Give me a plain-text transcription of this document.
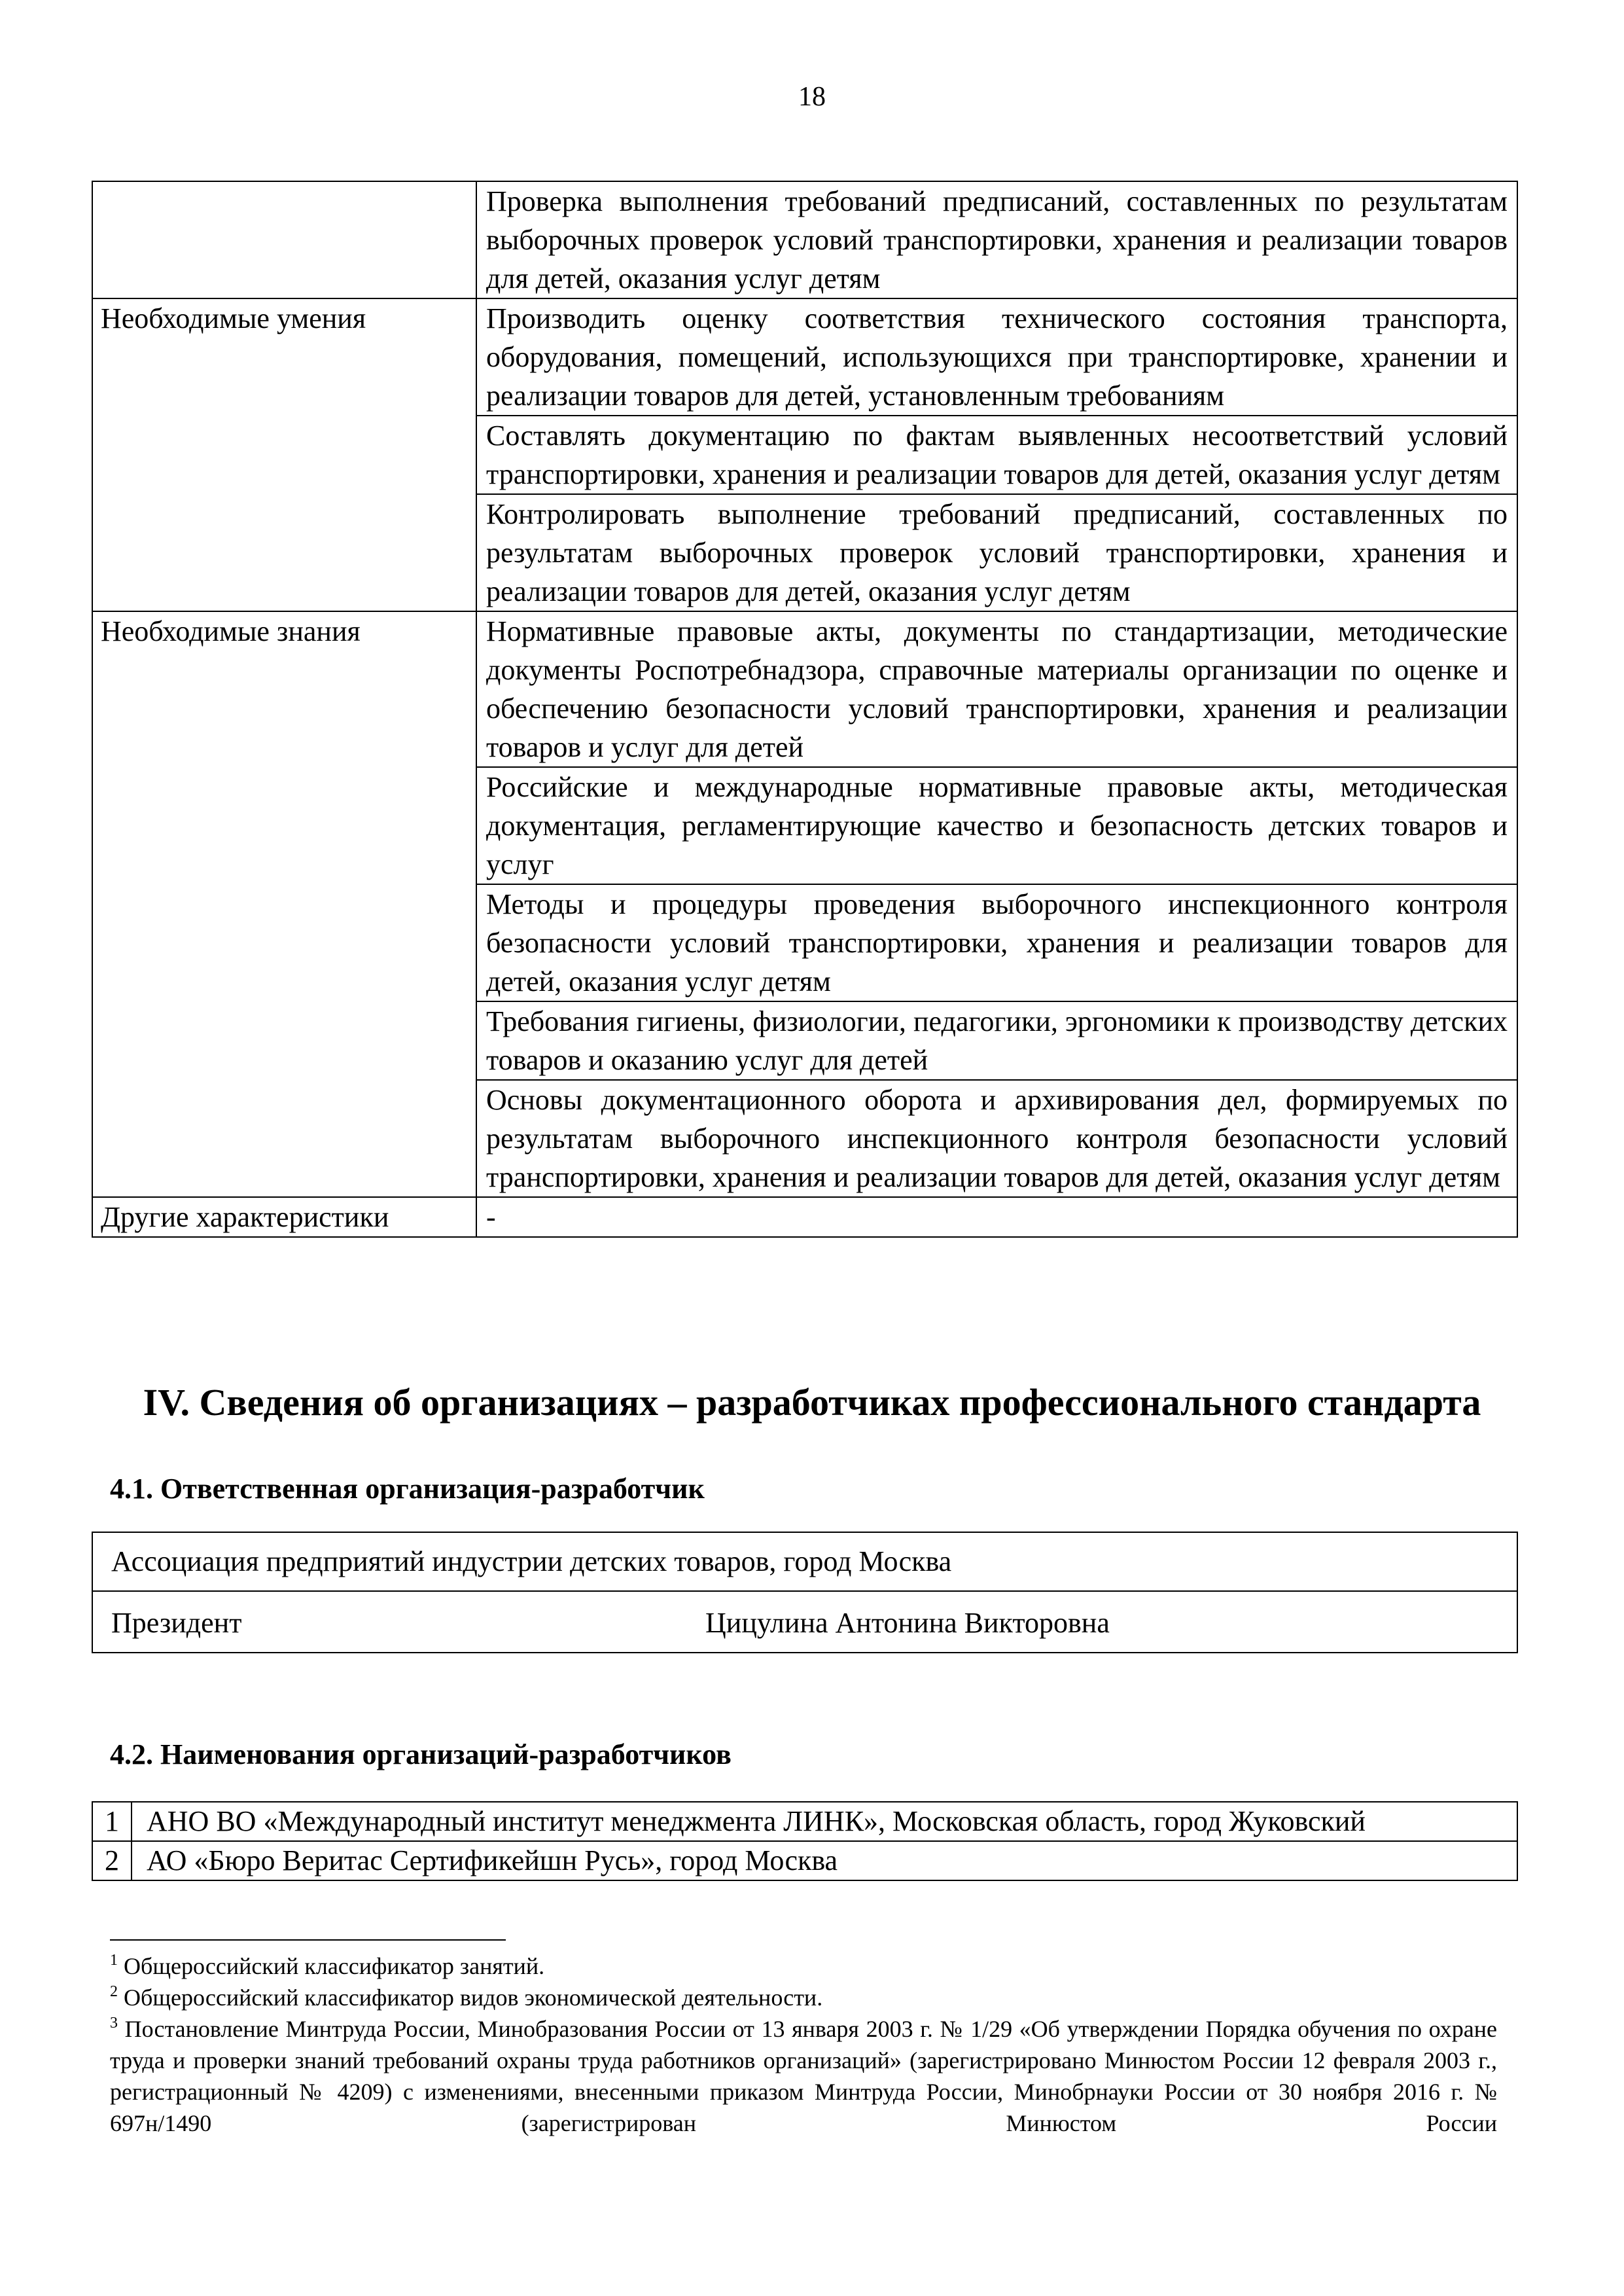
18
	Проверка выполнения требований предписаний, составленных по результатам выборочных проверок условий транспортировки, хранения и реализации товаров для детей, оказания услуг детям
Необходимые умения	Производить оценку соответствия технического состояния транспорта, оборудования, помещений, использующихся при транспортировке, хранении и реализации товаров для детей, установленным требованиям
	Составлять документацию по фактам выявленных несоответствий условий транспортировки, хранения и реализации товаров для детей, оказания услуг детям
	Контролировать выполнение требований предписаний, составленных по результатам выборочных проверок условий транспортировки, хранения и реализации товаров для детей, оказания услуг детям
Необходимые знания	Нормативные правовые акты, документы по стандартизации, методические документы Роспотребнадзора, справочные материалы организации по оценке и обеспечению безопасности условий транспортировки, хранения и реализации товаров и услуг для детей
	Российские и международные нормативные правовые акты, методическая документация, регламентирующие качество и безопасность детских товаров и услуг
	Методы и процедуры проведения выборочного инспекционного контроля безопасности условий транспортировки, хранения и реализации товаров для детей, оказания услуг детям
	Требования гигиены, физиологии, педагогики, эргономики к производству детских товаров и оказанию услуг для детей
	Основы документационного оборота и архивирования дел, формируемых по результатам выборочного инспекционного контроля безопасности условий транспортировки, хранения и реализации товаров для детей, оказания услуг детям
Другие характеристики	-
IV. Сведения об организациях – разработчиках профессионального стандарта
4.1. Ответственная организация-разработчик
Ассоциация предприятий индустрии детских товаров, город Москва
Президент	Цицулина Антонина Викторовна
4.2. Наименования организаций-разработчиков
1	АНО ВО «Международный институт менеджмента ЛИНК», Московская область, город Жуковский
2	АО «Бюро Веритас Сертификейшн Русь», город Москва

$^1$ Общероссийский классификатор занятий.

$^2$ Общероссийский классификатор видов экономической деятельности.

$^3$ Постановление Минтруда России, Минобразования России от 13 января 2003 г. № 1/29 «Об утверждении Порядка обучения по охране труда и проверки знаний требований охраны труда работников организаций» (зарегистрировано Минюстом России 12 февраля 2003 г., регистрационный № 4209) с изменениями, внесенными приказом Минтруда России, Минобрнауки России от 30 ноября 2016 г. № 697н/1490 (зарегистрирован Минюстом России
